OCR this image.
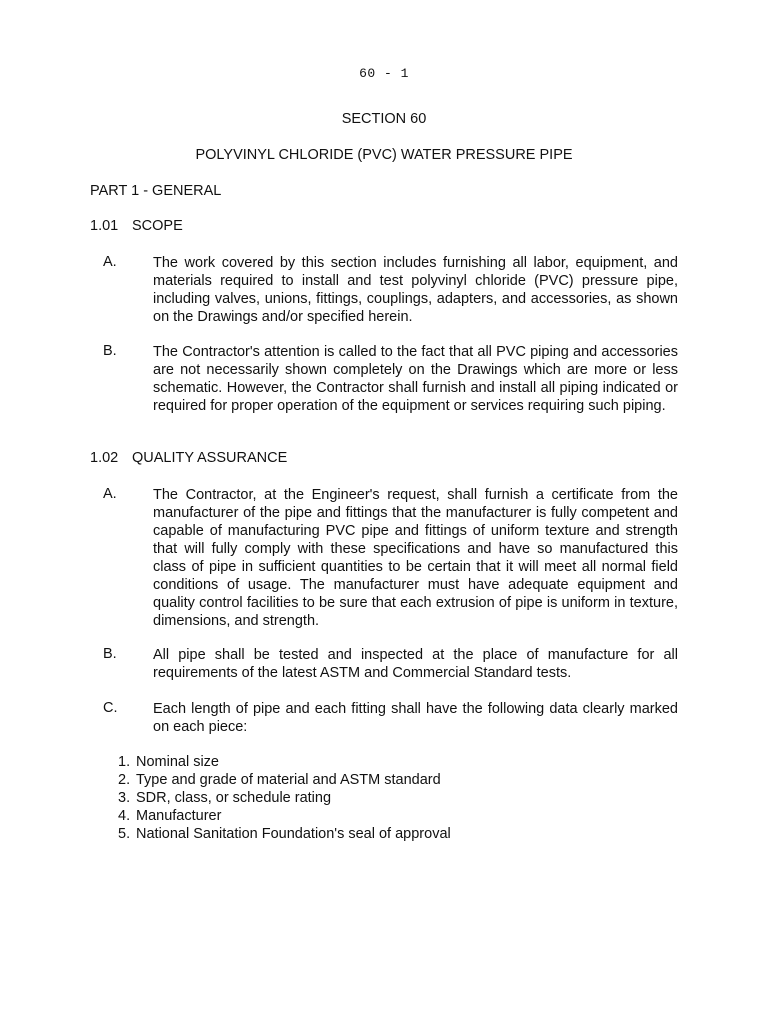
60 - 1
SECTION 60
POLYVINYL CHLORIDE (PVC) WATER PRESSURE PIPE
PART 1 - GENERAL
1.01 SCOPE
A.	The work covered by this section includes furnishing all labor, equipment, and materials required to install and test polyvinyl chloride (PVC) pressure pipe, including valves, unions, fittings, couplings, adapters, and accessories, as shown on the Drawings and/or specified herein.
B.	The Contractor's attention is called to the fact that all PVC piping and accessories are not necessarily shown completely on the Drawings which are more or less schematic. However, the Contractor shall furnish and install all piping indicated or required for proper operation of the equipment or services requiring such piping.
1.02 QUALITY ASSURANCE
A.	The Contractor, at the Engineer's request, shall furnish a certificate from the manufacturer of the pipe and fittings that the manufacturer is fully competent and capable of manufacturing PVC pipe and fittings of uniform texture and strength that will fully comply with these specifications and have so manufactured this class of pipe in sufficient quantities to be certain that it will meet all normal field conditions of usage. The manufacturer must have adequate equipment and quality control facilities to be sure that each extrusion of pipe is uniform in texture, dimensions, and strength.
B.	All pipe shall be tested and inspected at the place of manufacture for all requirements of the latest ASTM and Commercial Standard tests.
C. Each length of pipe and each fitting shall have the following data clearly marked on each piece:
1. Nominal size
2. Type and grade of material and ASTM standard
3. SDR, class, or schedule rating
4. Manufacturer
5. National Sanitation Foundation's seal of approval
